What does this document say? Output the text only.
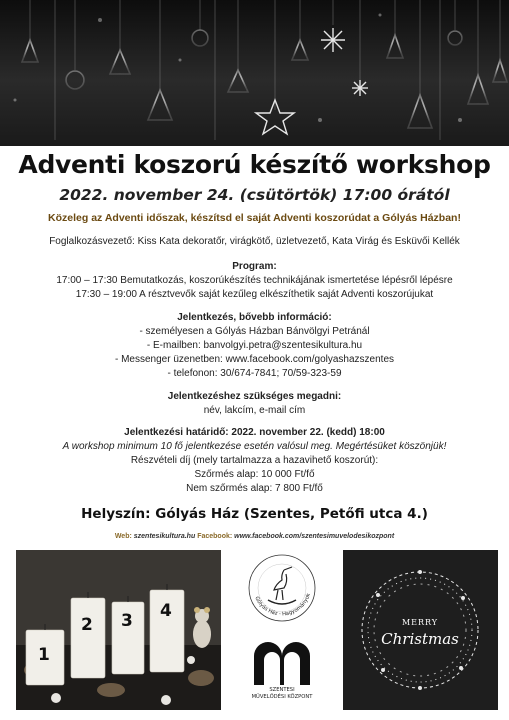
Adventi koszorú készítő workshop
2022. november 24. (csütörtök) 17:00 órától
Közeleg az Adventi időszak, készítsd el saját Adventi koszorúdat a Gólyás Házban!
Foglalkozásvezető: Kiss Kata dekoratőr, virágkötő, üzletvezető, Kata Virág és Esküvői Kellék
Program:
17:00 – 17:30 Bemutatkozás, koszorúkészítés technikájának ismertetése lépésről lépésre
17:30 – 19:00 A résztvevők saját kezűleg elkészíthetik saját Adventi koszorújukat
Jelentkezés, bővebb információ:
- személyesen a Gólyás Házban Bánvölgyi Petránál
- E-mailben: banvolgyi.petra@szentesikultura.hu
- Messenger üzenetben: www.facebook.com/golyashazszentes
- telefonon: 30/674-7841; 70/59-323-59
Jelentkezéshez szükséges megadni:
név, lakcím, e-mail cím
Jelentkezési határidő: 2022. november 22. (kedd) 18:00
A workshop minimum 10 fő jelentkezése esetén valósul meg. Megértésüket köszönjük!
Részvételi díj (mely tartalmazza a hazavihető koszorút):
Szőrmés alap: 10 000 Ft/fő
Nem szőrmés alap: 7 800 Ft/fő
Helyszín: Gólyás Ház (Szentes, Petőfi utca 4.)
Web: szentesikultura.hu Facebook: www.facebook.com/szentesimuvelodesikozpont
1
2 3 4
Gólyás Ház - Hagyományok
SZENTESI
MŰVELŐDÉSI KÖZPONT
MERRY
Christmas
